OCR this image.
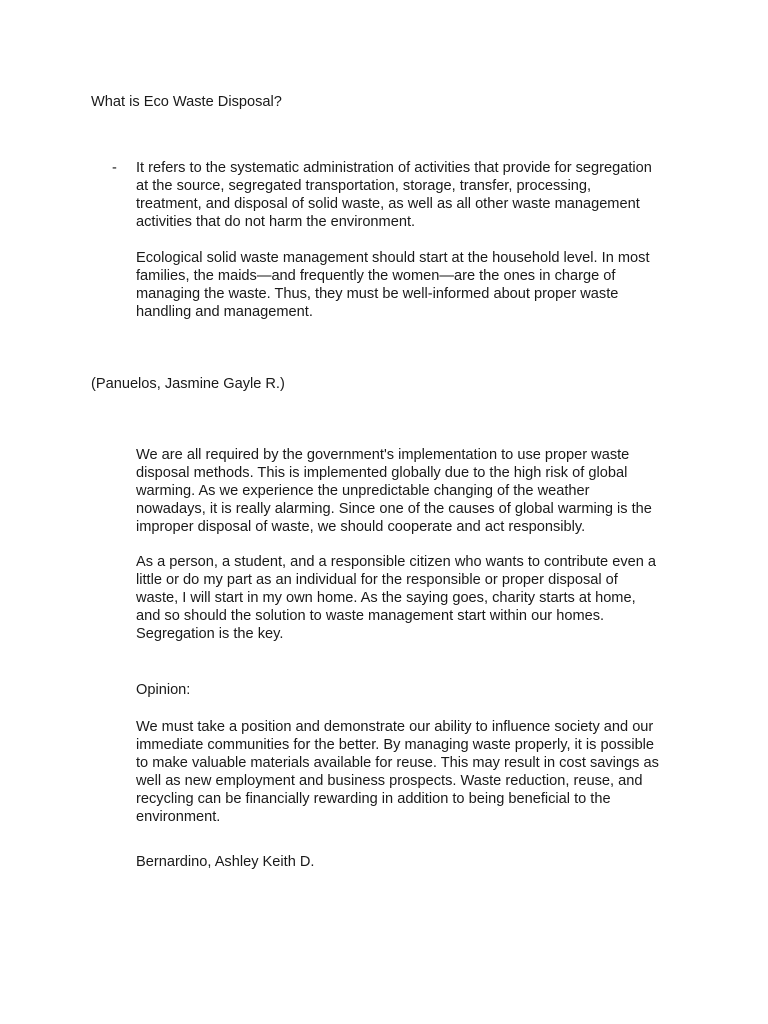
What is Eco Waste Disposal?

- It refers to the systematic administration of activities that provide for segregation
at the source, segregated transportation, storage, transfer, processing,
treatment, and disposal of solid waste, as well as all other waste management
activities that do not harm the environment.

Ecological solid waste management should start at the household level. In most
families, the maids—and frequently the women—are the ones in charge of
managing the waste. Thus, they must be well-informed about proper waste
handling and management.

(Panuelos, Jasmine Gayle R.)

We are all required by the government's implementation to use proper waste
disposal methods. This is implemented globally due to the high risk of global
warming. As we experience the unpredictable changing of the weather
nowadays, it is really alarming. Since one of the causes of global warming is the
improper disposal of waste, we should cooperate and act responsibly.

As a person, a student, and a responsible citizen who wants to contribute even a
little or do my part as an individual for the responsible or proper disposal of
waste, I will start in my own home. As the saying goes, charity starts at home,
and so should the solution to waste management start within our homes.
Segregation is the key.

Opinion:

We must take a position and demonstrate our ability to influence society and our
immediate communities for the better. By managing waste properly, it is possible
to make valuable materials available for reuse. This may result in cost savings as
well as new employment and business prospects. Waste reduction, reuse, and
recycling can be financially rewarding in addition to being beneficial to the
environment.

Bernardino, Ashley Keith D.
